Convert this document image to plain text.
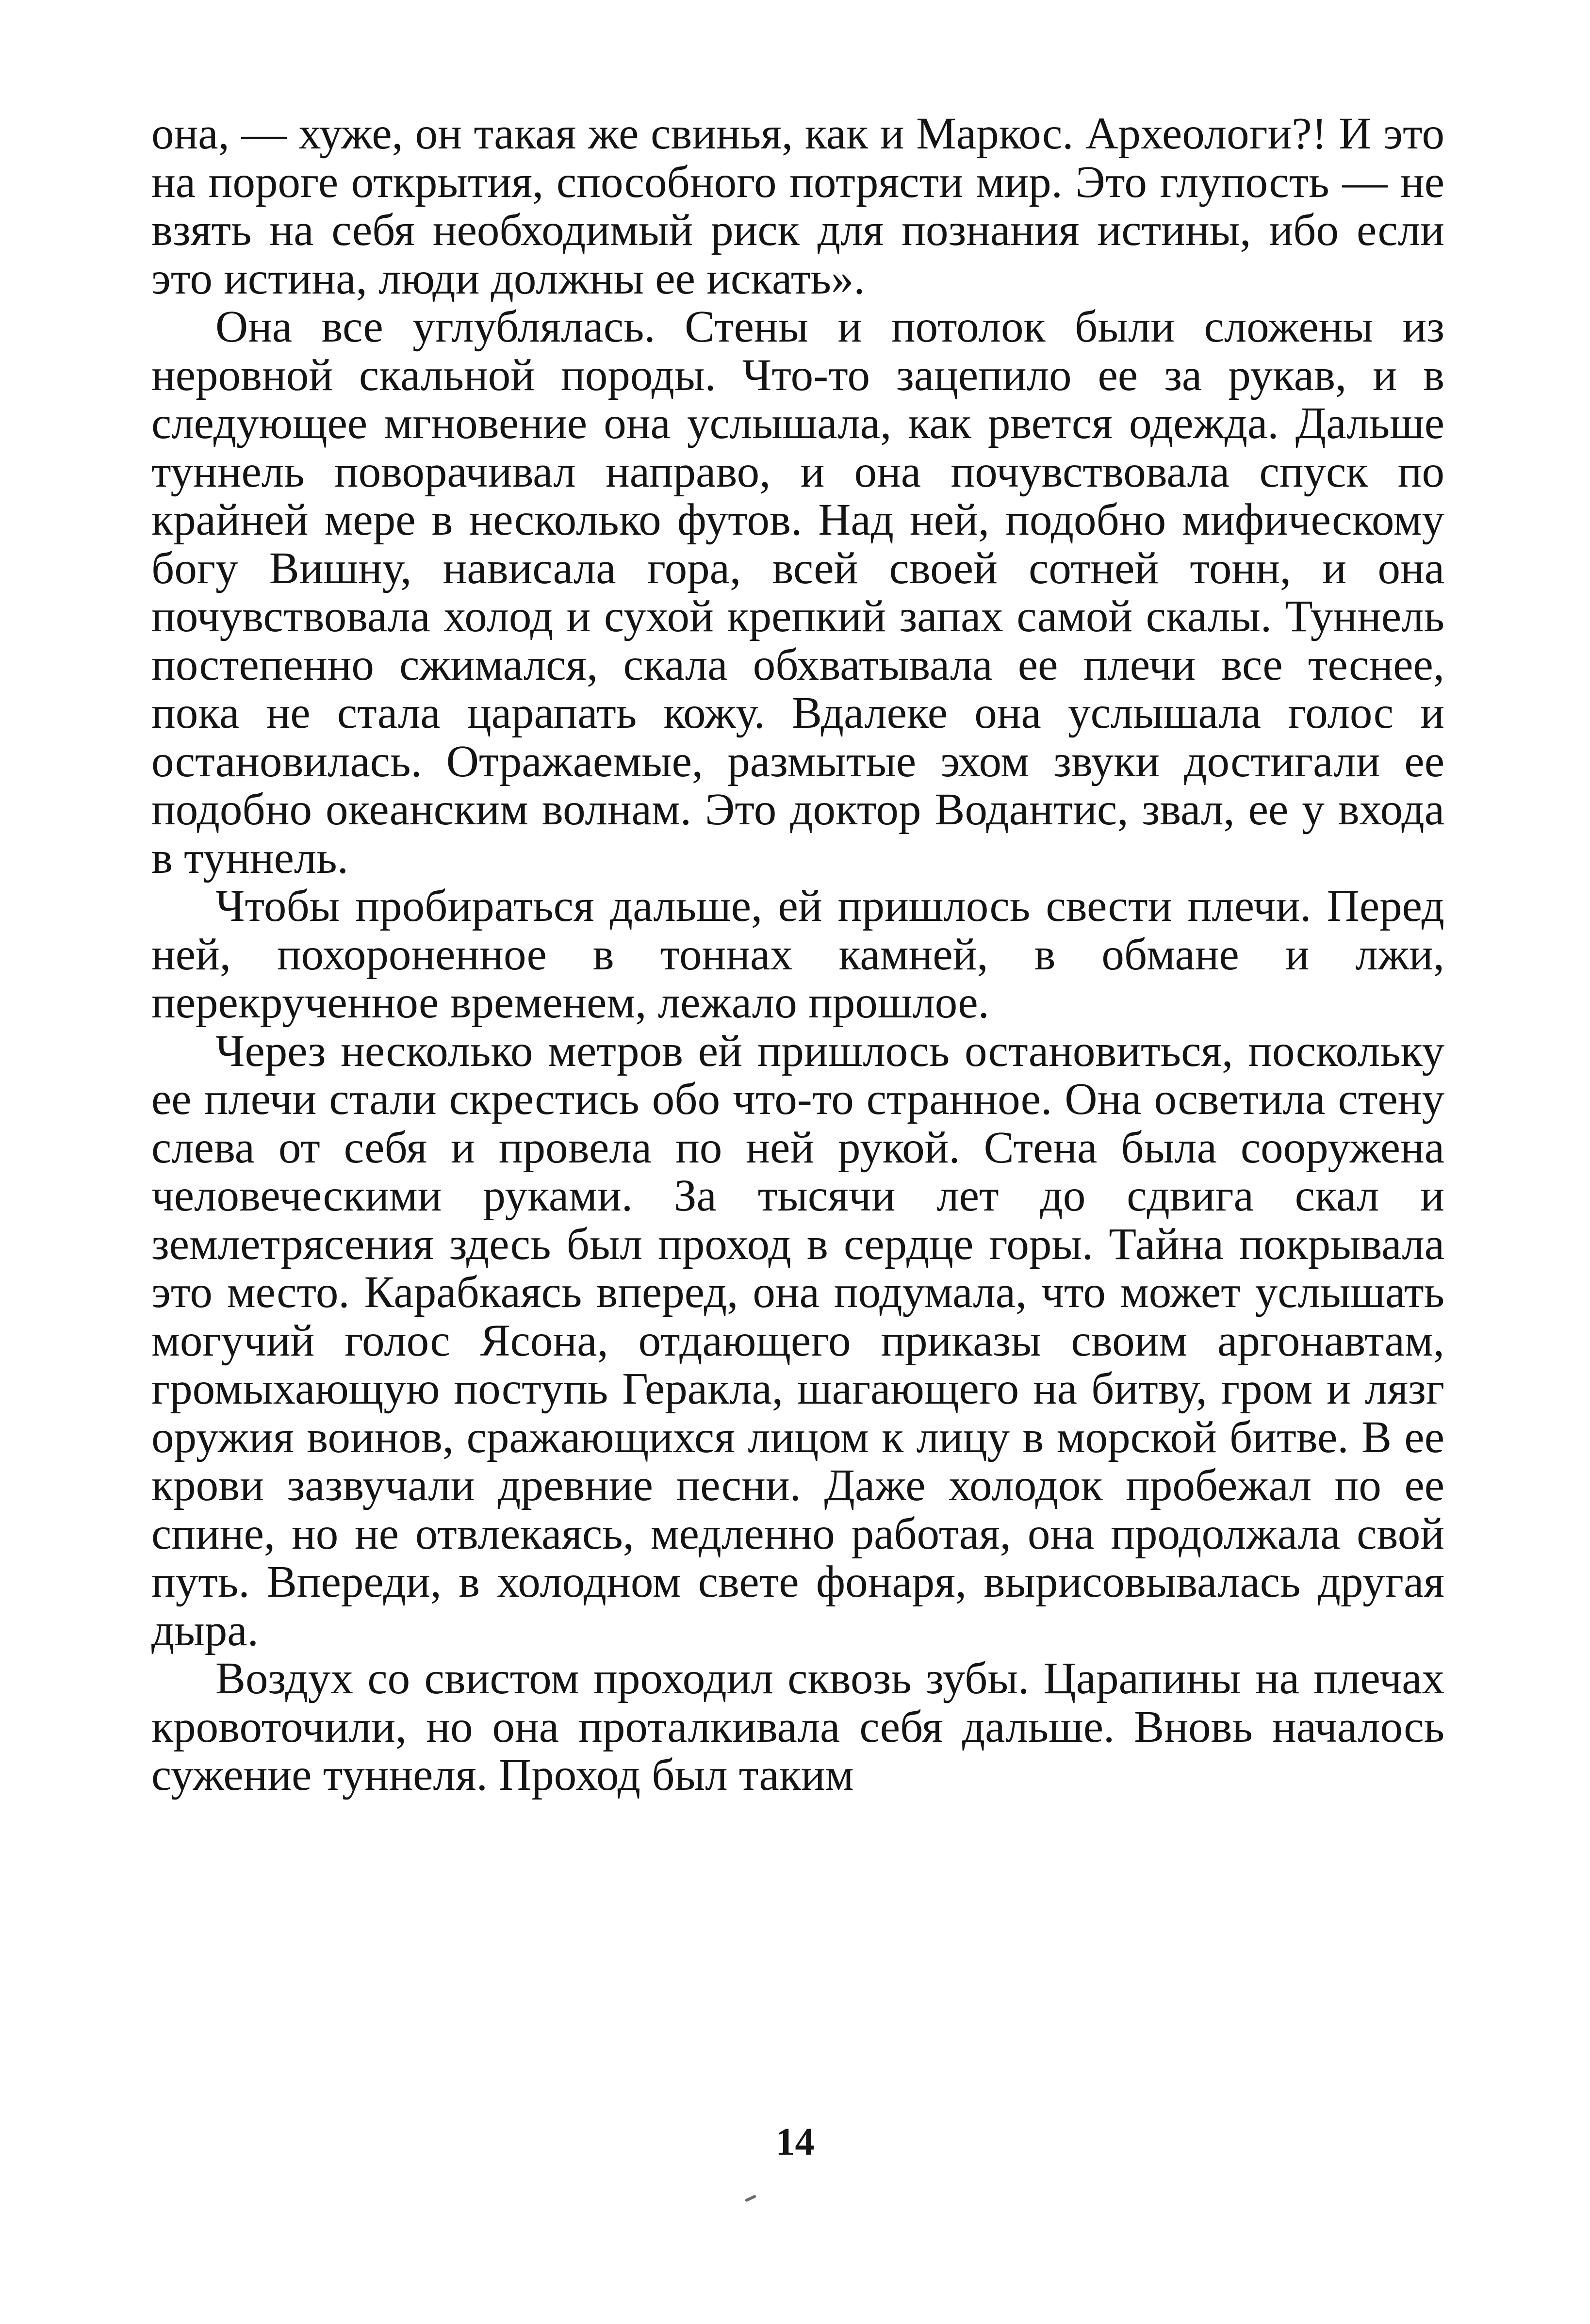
она, — хуже, он такая же свинья, как и Маркос. Археологи?! И это на пороге открытия, способного потрясти мир. Это глупость — не взять на себя необходимый риск для познания истины, ибо если это истина, люди должны ее искать».

Она все углублялась. Стены и потолок были сложены из неровной скальной породы. Что-то зацепило ее за рукав, и в следующее мгновение она услышала, как рвется одежда. Дальше туннель поворачивал направо, и она почувствовала спуск по крайней мере в несколько футов. Над ней, подобно мифическому богу Вишну, нависала гора, всей своей сотней тонн, и она почувствовала холод и сухой крепкий запах самой скалы. Туннель постепенно сжимался, скала обхватывала ее плечи все теснее, пока не стала царапать кожу. Вдалеке она услышала голос и остановилась. Отражаемые, размытые эхом звуки достигали ее подобно океанским волнам. Это доктор Водантис, звал, ее у входа в туннель.

Чтобы пробираться дальше, ей пришлось свести плечи. Перед ней, похороненное в тоннах камней, в обмане и лжи, перекрученное временем, лежало прошлое.

Через несколько метров ей пришлось остановиться, поскольку ее плечи стали скрестись обо что-то странное. Она осветила стену слева от себя и провела по ней рукой. Стена была сооружена человеческими руками. За тысячи лет до сдвига скал и землетрясения здесь был проход в сердце горы. Тайна покрывала это место. Карабкаясь вперед, она подумала, что может услышать могучий голос Ясона, отдающего приказы своим аргонавтам, громыхающую поступь Геракла, шагающего на битву, гром и лязг оружия воинов, сражающихся лицом к лицу в морской битве. В ее крови зазвучали древние песни. Даже холодок пробежал по ее спине, но не отвлекаясь, медленно работая, она продолжала свой путь. Впереди, в холодном свете фонаря, вырисовывалась другая дыра.

Воздух со свистом проходил сквозь зубы. Царапины на плечах кровоточили, но она проталкивала себя дальше. Вновь началось сужение туннеля. Проход был таким

14
